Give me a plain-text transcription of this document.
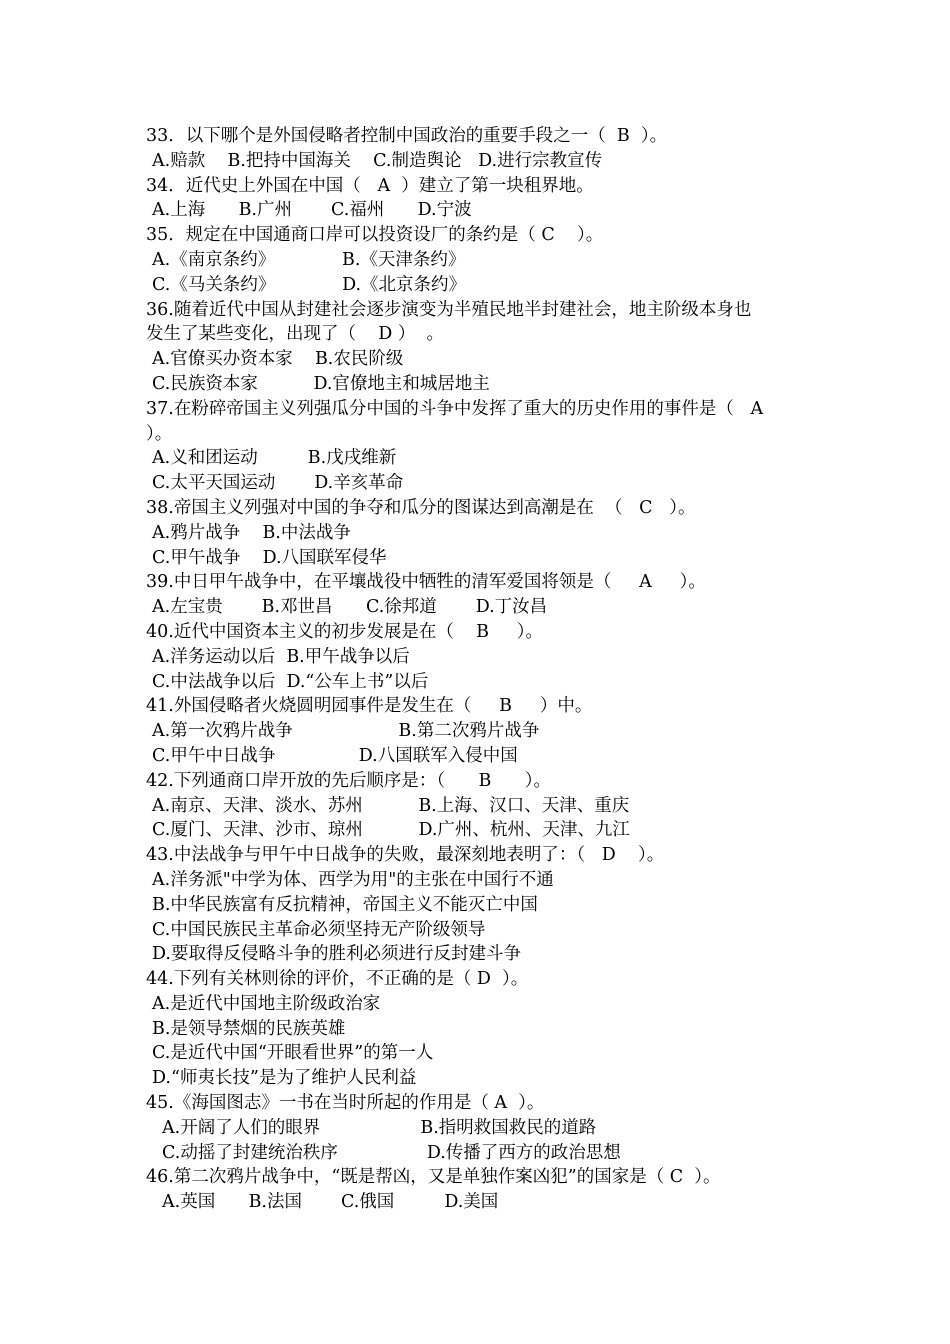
33．以下哪个是外国侵略者控制中国政治的重要手段之一（  B  ）。
A.赔款    B.把持中国海关    C.制造舆论   D.进行宗教宣传
34．近代史上外国在中国（   A  ）建立了第一块租界地。
A.上海      B.广州       C.福州      D.宁波
35．规定在中国通商口岸可以投资设厂的条约是（ C    ）。
A.《南京条约》            B.《天津条约》
C.《马关条约》            D.《北京条约》
36.随着近代中国从封建社会逐步演变为半殖民地半封建社会，地主阶级本身也
发生了某些变化，出现了（    D ）  。
A.官僚买办资本家    B.农民阶级
C.民族资本家          D.官僚地主和城居地主
37.在粉碎帝国主义列强瓜分中国的斗争中发挥了重大的历史作用的事件是（   A
）。
A.义和团运动         B.戊戌维新
C.太平天国运动       D.辛亥革命
38.帝国主义列强对中国的争夺和瓜分的图谋达到高潮是在  （   C   ）。
A.鸦片战争    B.中法战争
C.甲午战争    D.八国联军侵华
39.中日甲午战争中，在平壤战役中牺牲的清军爱国将领是（     A     ）。
A.左宝贵       B.邓世昌      C.徐邦道       D.丁汝昌
40.近代中国资本主义的初步发展是在（    B     ）。
A.洋务运动以后  B.甲午战争以后
C.中法战争以后  D.“公车上书”以后
41.外国侵略者火烧圆明园事件是发生在（     B     ）中。
A.第一次鸦片战争                   B.第二次鸦片战争
C.甲午中日战争               D.八国联军入侵中国
42.下列通商口岸开放的先后顺序是：（      B      ）。
A.南京、天津、淡水、苏州          B.上海、汉口、天津、重庆
C.厦门、天津、沙市、琼州          D.广州、杭州、天津、九江
43.中法战争与甲午中日战争的失败，最深刻地表明了：（   D    ）。
A.洋务派"中学为体、西学为用"的主张在中国行不通
B.中华民族富有反抗精神，帝国主义不能灭亡中国
C.中国民族民主革命必须坚持无产阶级领导
D.要取得反侵略斗争的胜利必须进行反封建斗争
44.下列有关林则徐的评价，不正确的是（ D  ）。
A.是近代中国地主阶级政治家
B.是领导禁烟的民族英雄
C.是近代中国“开眼看世界”的第一人
D.“师夷长技”是为了维护人民利益
45.《海国图志》一书在当时所起的作用是（ A  ）。
A.开阔了人们的眼界                  B.指明救国救民的道路
C.动摇了封建统治秩序                D.传播了西方的政治思想
46.第二次鸦片战争中，“既是帮凶，又是单独作案凶犯”的国家是（ C  ）。
A.英国      B.法国       C.俄国         D.美国
